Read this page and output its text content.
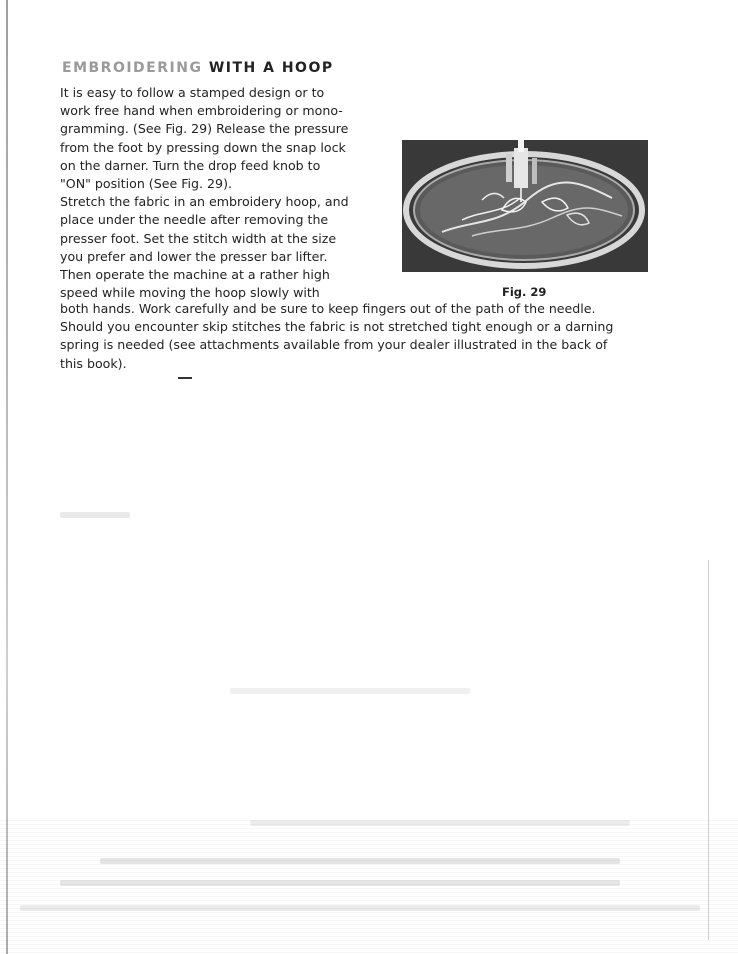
EMBROIDERING WITH A HOOP
It is easy to follow a stamped design or to
work free hand when embroidering or mono-
gramming. (See Fig. 29) Release the pressure
from the foot by pressing down the snap lock
on the darner. Turn the drop feed knob to
"ON" position (See Fig. 29).
Stretch the fabric in an embroidery hoop, and
place under the needle after removing the
presser foot. Set the stitch width at the size
you prefer and lower the presser bar lifter.
Then operate the machine at a rather high
speed while moving the hoop slowly with
both hands. Work carefully and be sure to keep fingers out of the path of the needle.
Should you encounter skip stitches the fabric is not stretched tight enough or a darning
spring is needed (see attachments available from your dealer illustrated in the back of
this book).
Fig. 29
